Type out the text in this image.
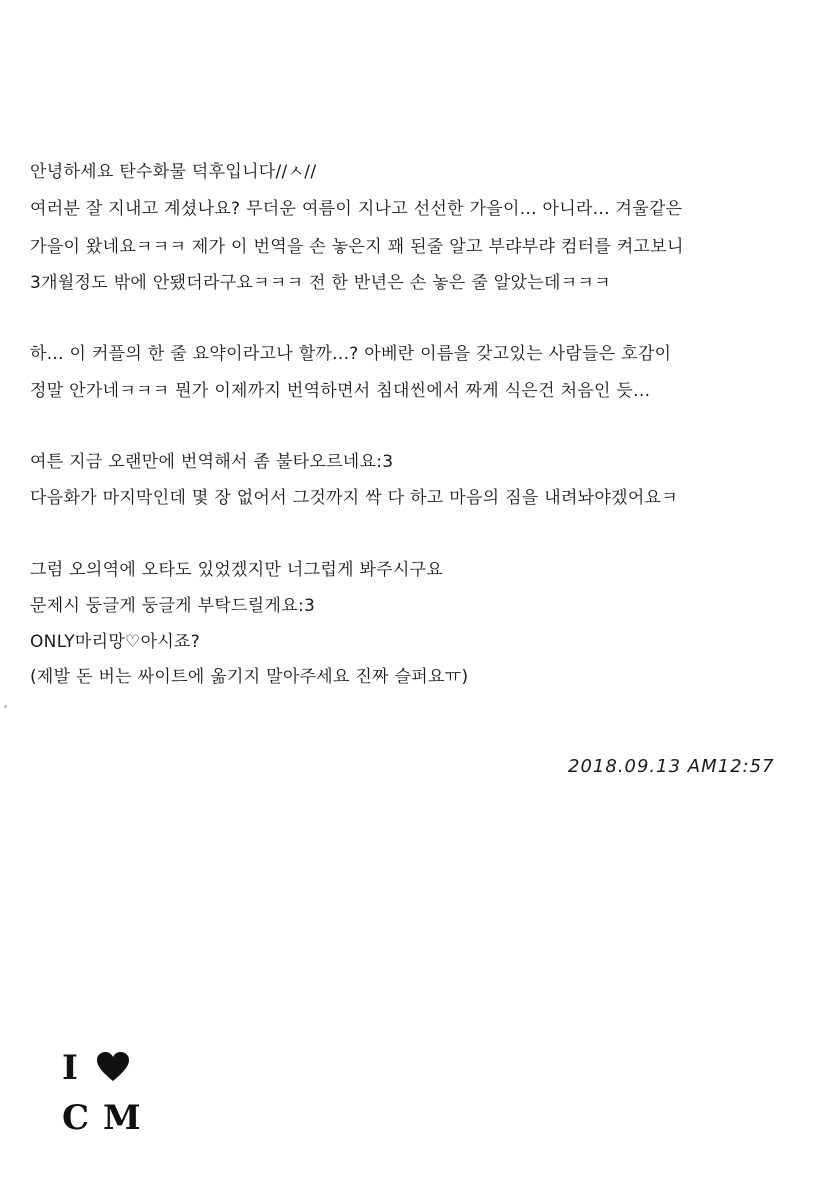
안녕하세요 탄수화물 덕후입니다//ㅅ//
여러분 잘 지내고 계셨나요? 무더운 여름이 지나고 선선한 가을이... 아니라... 겨울같은
가을이 왔네요ㅋㅋㅋ 제가 이 번역을 손 놓은지 꽤 된줄 알고 부랴부랴 컴터를 켜고보니
3개월정도 밖에 안됐더라구요ㅋㅋㅋ 전 한 반년은 손 놓은 줄 알았는데ㅋㅋㅋ
하... 이 커플의 한 줄 요약이라고나 할까...? 아베란 이름을 갖고있는 사람들은 호감이
정말 안가네ㅋㅋㅋ 뭔가 이제까지 번역하면서 침대씬에서 짜게 식은건 처음인 듯...
여튼 지금 오랜만에 번역해서 좀 불타오르네요:3
다음화가 마지막인데 몇 장 없어서 그것까지 싹 다 하고 마음의 짐을 내려놔야겠어요ㅋ
그럼 오의역에 오타도 있었겠지만 너그럽게 봐주시구요
문제시 둥글게 둥글게 부탁드릴게요:3
ONLY마리망♡아시죠?
(제발 돈 버는 싸이트에 옮기지 말아주세요 진짜 슬퍼요ㅠ)
2018.09.13 AM12:57
I
CM
